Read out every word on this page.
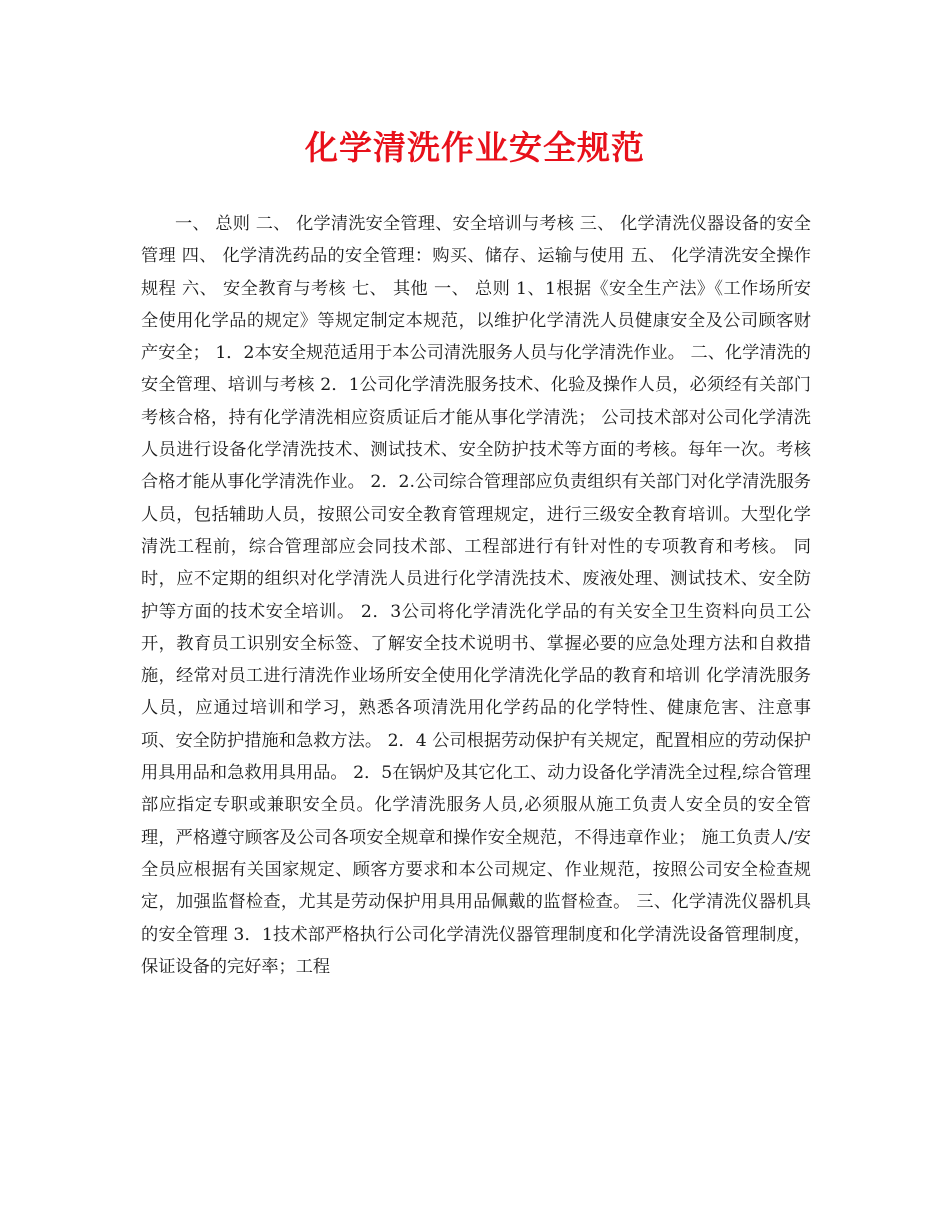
化学清洗作业安全规范

一、 总则 二、 化学清洗安全管理、安全培训与考核 三、 化学清洗仪器设备的安全管理 四、 化学清洗药品的安全管理：购买、储存、运输与使用 五、 化学清洗安全操作规程 六、 安全教育与考核 七、 其他 一、 总则 1、1根据《安全生产法》《工作场所安全使用化学品的规定》等规定制定本规范，以维护化学清洗人员健康安全及公司顾客财产安全； 1．2本安全规范适用于本公司清洗服务人员与化学清洗作业。 二、化学清洗的安全管理、培训与考核 2．1公司化学清洗服务技术、化验及操作人员，必须经有关部门考核合格，持有化学清洗相应资质证后才能从事化学清洗； 公司技术部对公司化学清洗人员进行设备化学清洗技术、测试技术、安全防护技术等方面的考核。每年一次。考核合格才能从事化学清洗作业。 2．2.公司综合管理部应负责组织有关部门对化学清洗服务人员，包括辅助人员，按照公司安全教育管理规定，进行三级安全教育培训。大型化学清洗工程前，综合管理部应会同技术部、工程部进行有针对性的专项教育和考核。 同时，应不定期的组织对化学清洗人员进行化学清洗技术、废液处理、测试技术、安全防护等方面的技术安全培训。 2．3公司将化学清洗化学品的有关安全卫生资料向员工公开，教育员工识别安全标签、了解安全技术说明书、掌握必要的应急处理方法和自救措施，经常对员工进行清洗作业场所安全使用化学清洗化学品的教育和培训 化学清洗服务人员，应通过培训和学习，熟悉各项清洗用化学药品的化学特性、健康危害、注意事项、安全防护措施和急救方法。 2．4 公司根据劳动保护有关规定，配置相应的劳动保护用具用品和急救用具用品。 2．5在锅炉及其它化工、动力设备化学清洗全过程,综合管理部应指定专职或兼职安全员。化学清洗服务人员,必须服从施工负责人安全员的安全管理，严格遵守顾客及公司各项安全规章和操作安全规范，不得违章作业； 施工负责人/安全员应根据有关国家规定、顾客方要求和本公司规定、作业规范，按照公司安全检查规定，加强监督检查，尤其是劳动保护用具用品佩戴的监督检查。 三、化学清洗仪器机具的安全管理 3．1技术部严格执行公司化学清洗仪器管理制度和化学清洗设备管理制度，保证设备的完好率；工程
